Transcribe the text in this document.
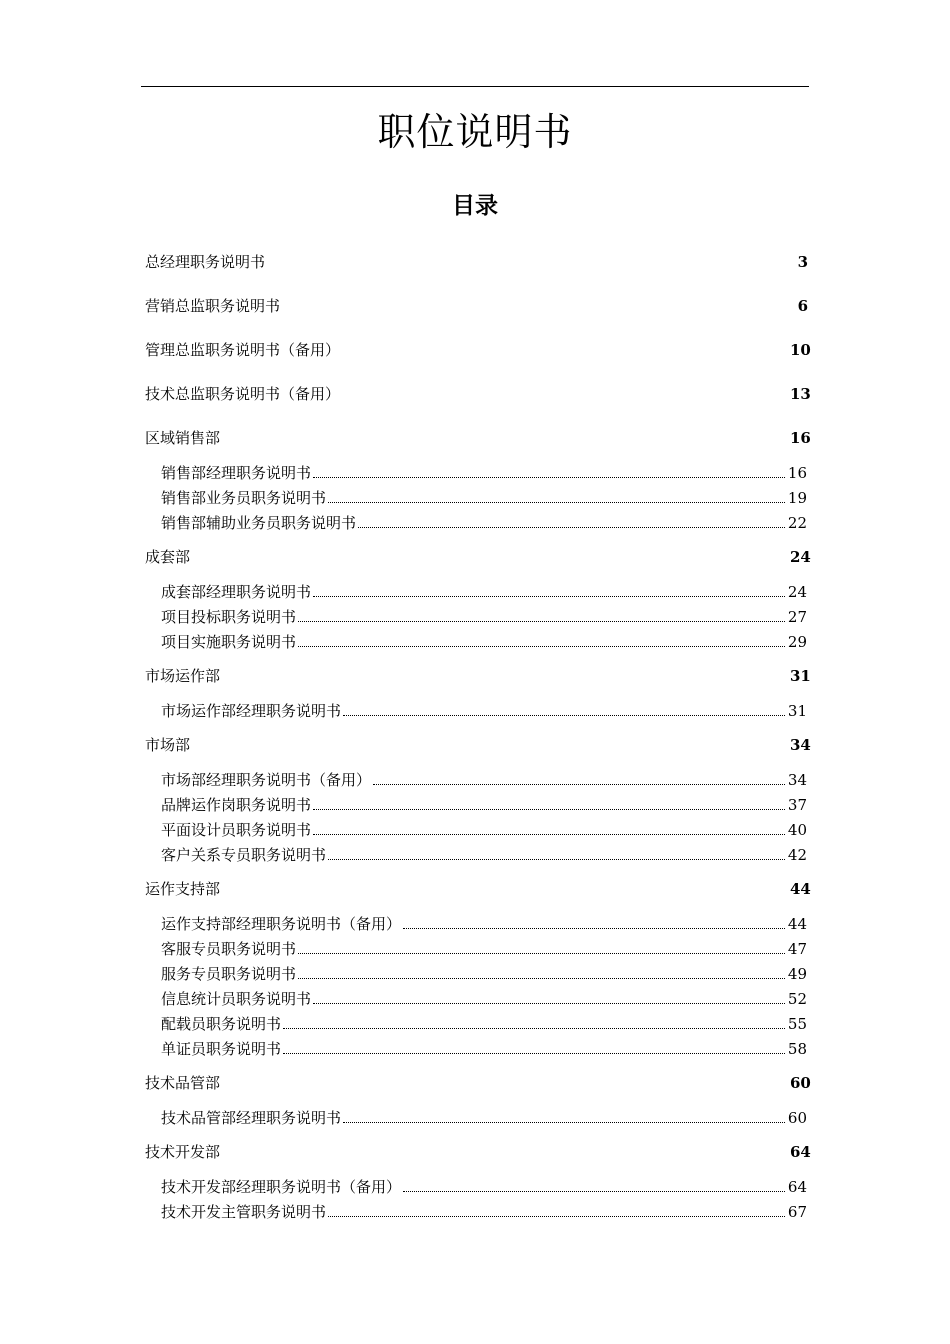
职位说明书
目录
总经理职务说明书	3
营销总监职务说明书	6
管理总监职务说明书（备用）	10
技术总监职务说明书（备用）	13
区域销售部	16
销售部经理职务说明书	16
销售部业务员职务说明书	19
销售部辅助业务员职务说明书	22
成套部	24
成套部经理职务说明书	24
项目投标职务说明书	27
项目实施职务说明书	29
市场运作部	31
市场运作部经理职务说明书	31
市场部	34
市场部经理职务说明书（备用）	34
品牌运作岗职务说明书	37
平面设计员职务说明书	40
客户关系专员职务说明书	42
运作支持部	44
运作支持部经理职务说明书（备用）	44
客服专员职务说明书	47
服务专员职务说明书	49
信息统计员职务说明书	52
配载员职务说明书	55
单证员职务说明书	58
技术品管部	60
技术品管部经理职务说明书	60
技术开发部	64
技术开发部经理职务说明书（备用）	64
技术开发主管职务说明书	67
